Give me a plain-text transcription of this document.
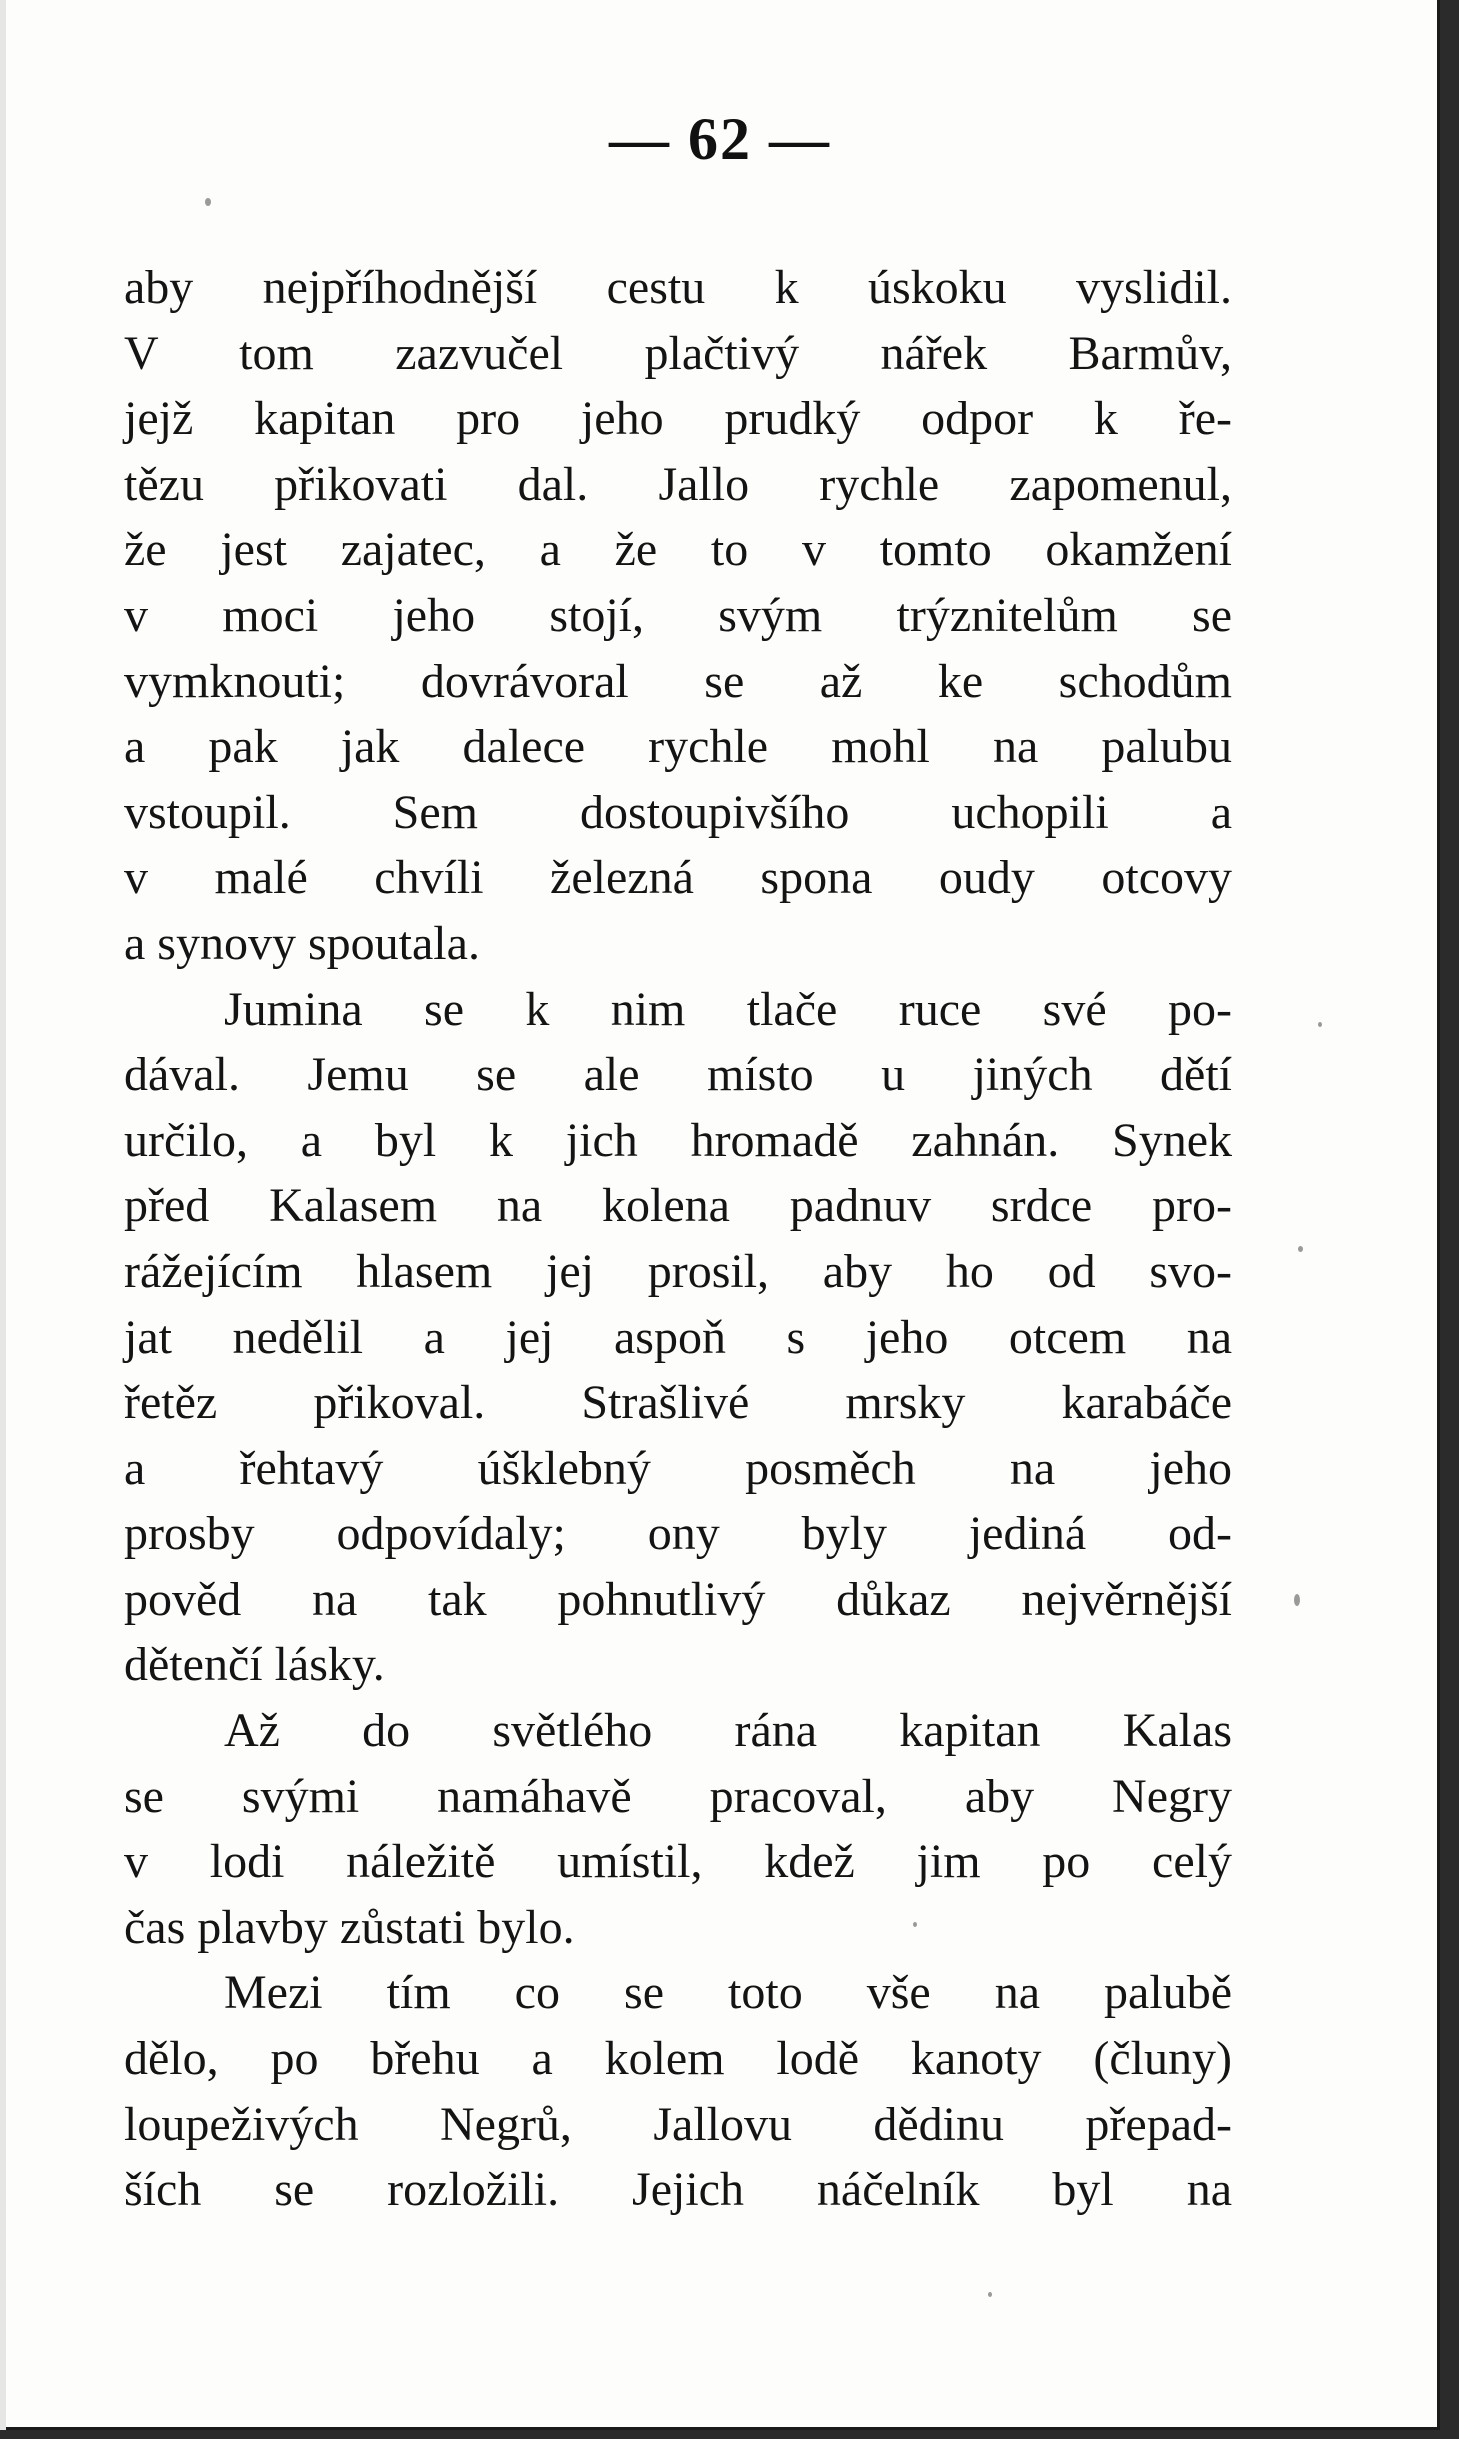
— 62 —
aby nejpříhodnější cestu k úskoku vyslidil.
V tom zazvučel plačtivý nářek Barmův,
jejž kapitan pro jeho prudký odpor k ře-
tězu přikovati dal. Jallo rychle zapomenul,
že jest zajatec, a že to v tomto okamžení
v moci jeho stojí, svým trýznitelům se
vymknouti; dovrávoral se až ke schodům
a pak jak dalece rychle mohl na palubu
vstoupil. Sem dostoupivšího uchopili a
v malé chvíli železná spona oudy otcovy
a synovy spoutala.
Jumina se k nim tlače ruce své po-
dával. Jemu se ale místo u jiných dětí
určilo, a byl k jich hromadě zahnán. Synek
před Kalasem na kolena padnuv srdce pro-
rážejícím hlasem jej prosil, aby ho od svo-
jat nedělil a jej aspoň s jeho otcem na
řetěz přikoval. Strašlivé mrsky karabáče
a řehtavý úšklebný posměch na jeho
prosby odpovídaly; ony byly jediná od-
pověd na tak pohnutlivý důkaz nejvěrnější
dětenčí lásky.
Až do světlého rána kapitan Kalas
se svými namáhavě pracoval, aby Negry
v lodi náležitě umístil, kdež jim po celý
čas plavby zůstati bylo.
Mezi tím co se toto vše na palubě
dělo, po břehu a kolem lodě kanoty (čluny)
loupeživých Negrů, Jallovu dědinu přepad-
ších se rozložili. Jejich náčelník byl na
